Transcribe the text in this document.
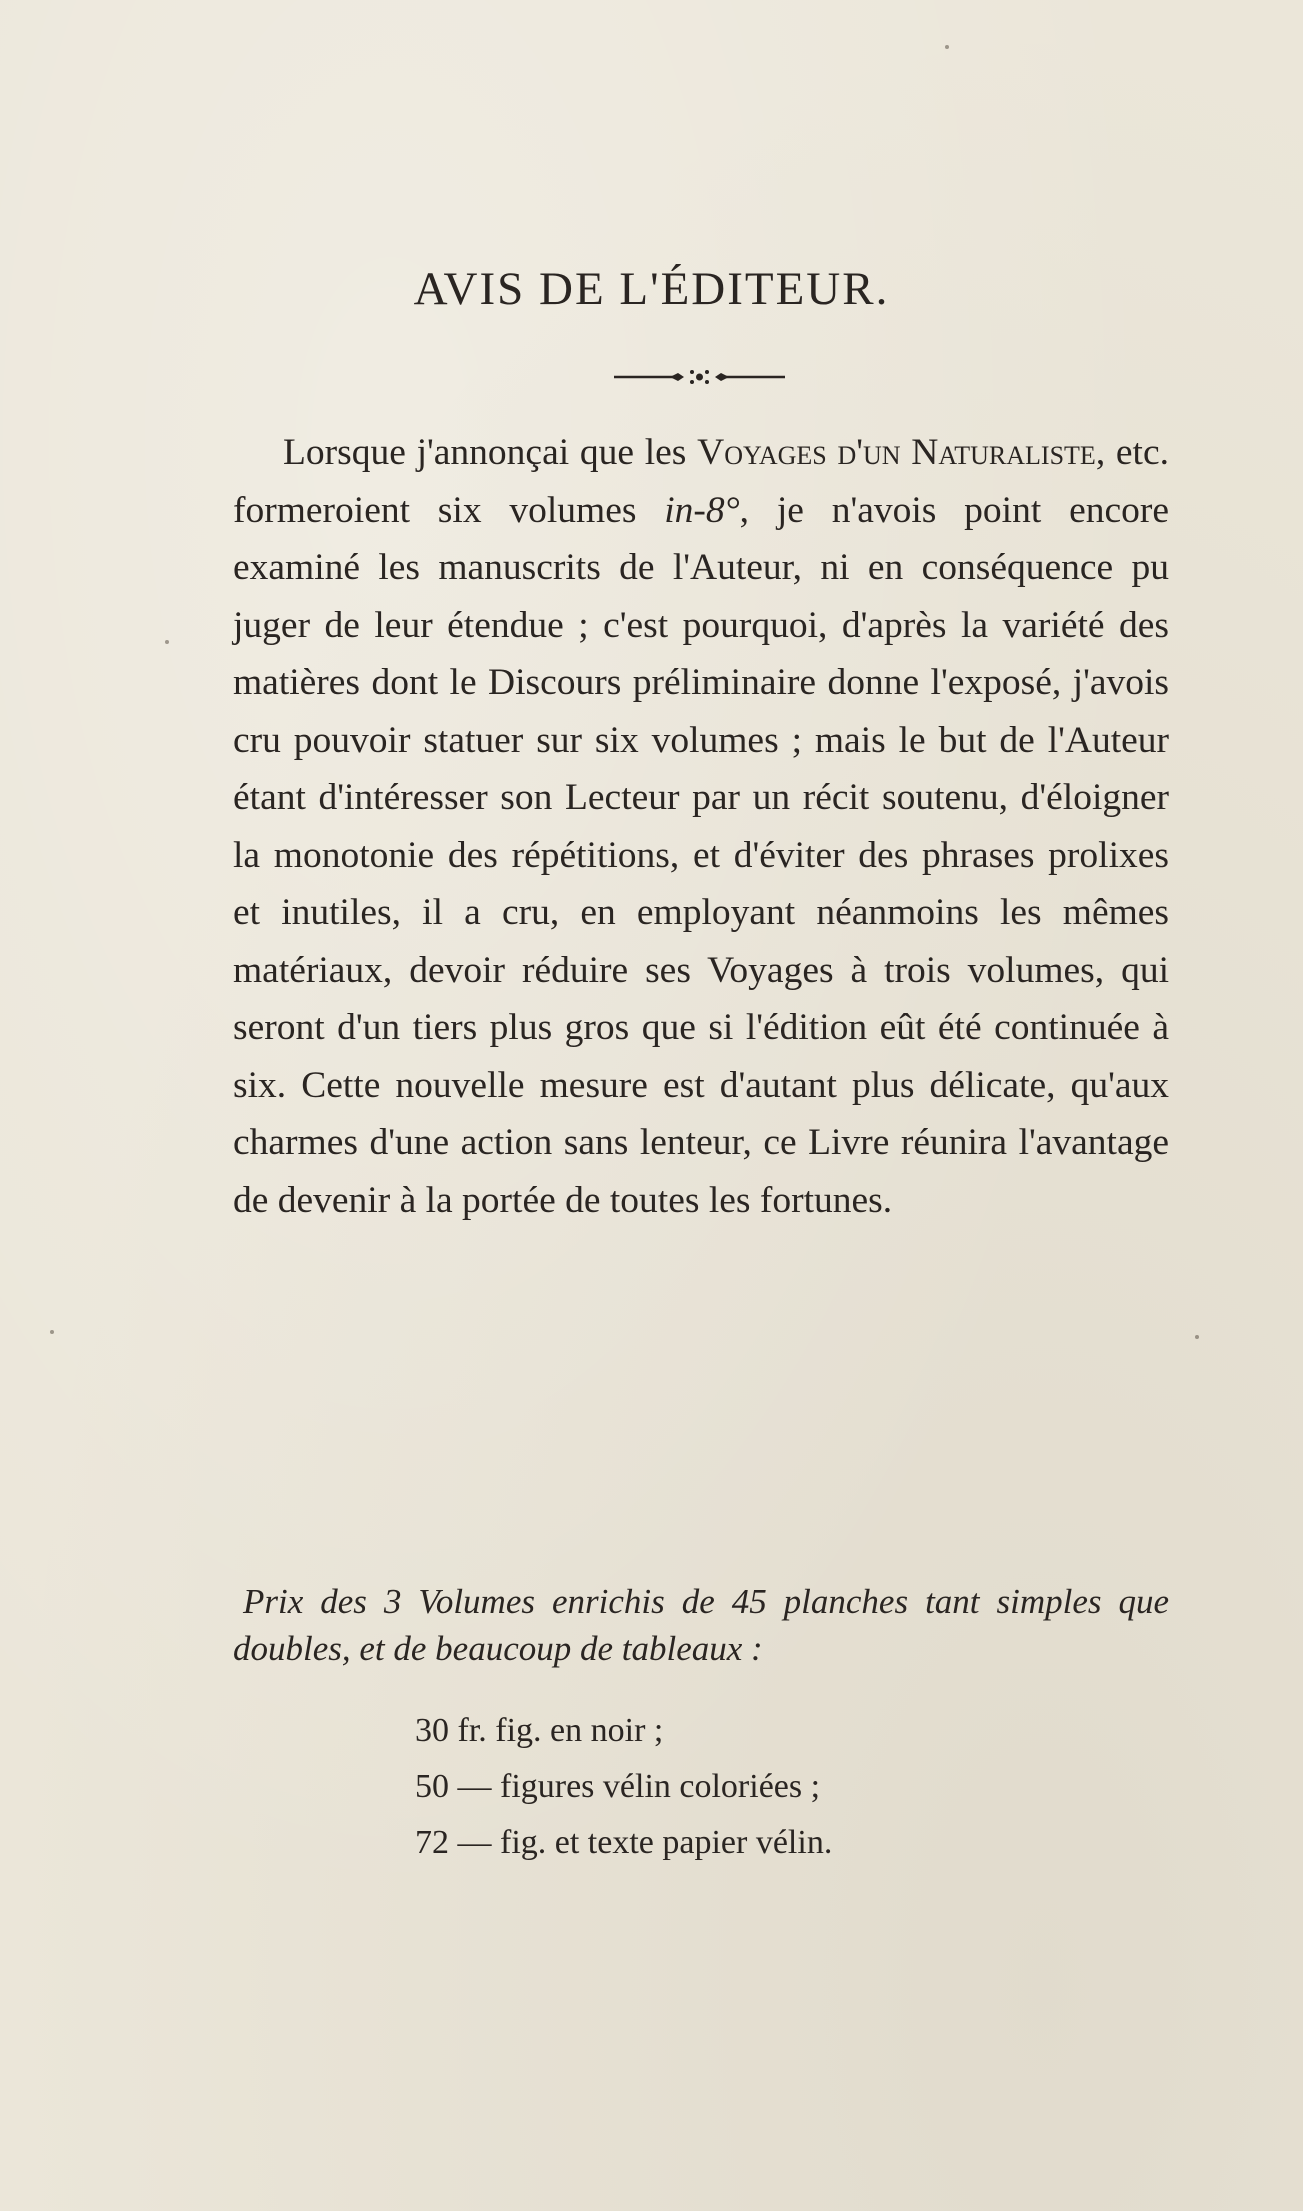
AVIS DE L'ÉDITEUR.

Lorsque j'annonçai que les Voyages d'un Naturaliste, etc. formeroient six volumes in-8°, je n'avois point encore examiné les manuscrits de l'Auteur, ni en conséquence pu juger de leur étendue ; c'est pourquoi, d'après la variété des matières dont le Discours préliminaire donne l'exposé, j'avois cru pouvoir statuer sur six volumes ; mais le but de l'Auteur étant d'intéresser son Lecteur par un récit soutenu, d'éloigner la monotonie des répétitions, et d'éviter des phrases prolixes et inutiles, il a cru, en employant néanmoins les mêmes matériaux, devoir réduire ses Voyages à trois volumes, qui seront d'un tiers plus gros que si l'édition eût été continuée à six. Cette nouvelle mesure est d'autant plus délicate, qu'aux charmes d'une action sans lenteur, ce Livre réunira l'avantage de devenir à la portée de toutes les fortunes.

Prix des 3 Volumes enrichis de 45 planches tant simples que doubles, et de beaucoup de tableaux :

30 fr. fig. en noir ;
50 — figures vélin coloriées ;
72 — fig. et texte papier vélin.
